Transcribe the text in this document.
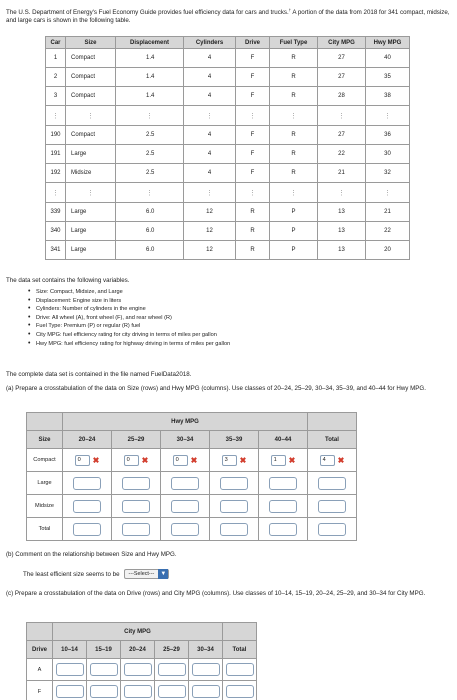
The U.S. Department of Energy's Fuel Economy Guide provides fuel efficiency data for cars and trucks.† A portion of the data from 2018 for 341 compact, midsize, and large cars is shown in the following table.
Car	Size	Displacement	Cylinders	Drive	Fuel Type	City MPG	Hwy MPG
1	Compact	1.4	4	F	R	27	40
2	Compact	1.4	4	F	R	27	35
3	Compact	1.4	4	F	R	28	38
⋮	⋮	⋮	⋮	⋮	⋮	⋮	⋮
190	Compact	2.5	4	F	R	27	36
191	Large	2.5	4	F	R	22	30
192	Midsize	2.5	4	F	R	21	32
⋮	⋮	⋮	⋮	⋮	⋮	⋮	⋮
339	Large	6.0	12	R	P	13	21
340	Large	6.0	12	R	P	13	22
341	Large	6.0	12	R	P	13	20
The data set contains the following variables.
• Size: Compact, Midsize, and Large
• Displacement: Engine size in liters
• Cylinders: Number of cylinders in the engine
• Drive: All wheel (A), front wheel (F), and rear wheel (R)
• Fuel Type: Premium (P) or regular (R) fuel
• City MPG: fuel efficiency rating for city driving in terms of miles per gallon
• Hwy MPG: fuel efficiency rating for highway driving in terms of miles per gallon
The complete data set is contained in the file named FuelData2018.
(a) Prepare a crosstabulation of the data on Size (rows) and Hwy MPG (columns). Use classes of 20–24, 25–29, 30–34, 35–39, and 40–44 for Hwy MPG.
	Hwy MPG					
Size	20–24	25–29	30–34	35–39	40–44	Total
Compact	0 ✖	0 ✖	0 ✖	3 ✖	1 ✖	4 ✖

Large						
Midsize						
Total						
(b) Comment on the relationship between Size and Hwy MPG.
The least efficient size seems to be	---Select---	▼
(c) Prepare a crosstabulation of the data on Drive (rows) and City MPG (columns). Use classes of 10–14, 15–19, 20–24, 25–29, and 30–34 for City MPG.
	City MPG					
Drive	10–14	15–19	20–24	25–29	30–34	Total
A						
F						
